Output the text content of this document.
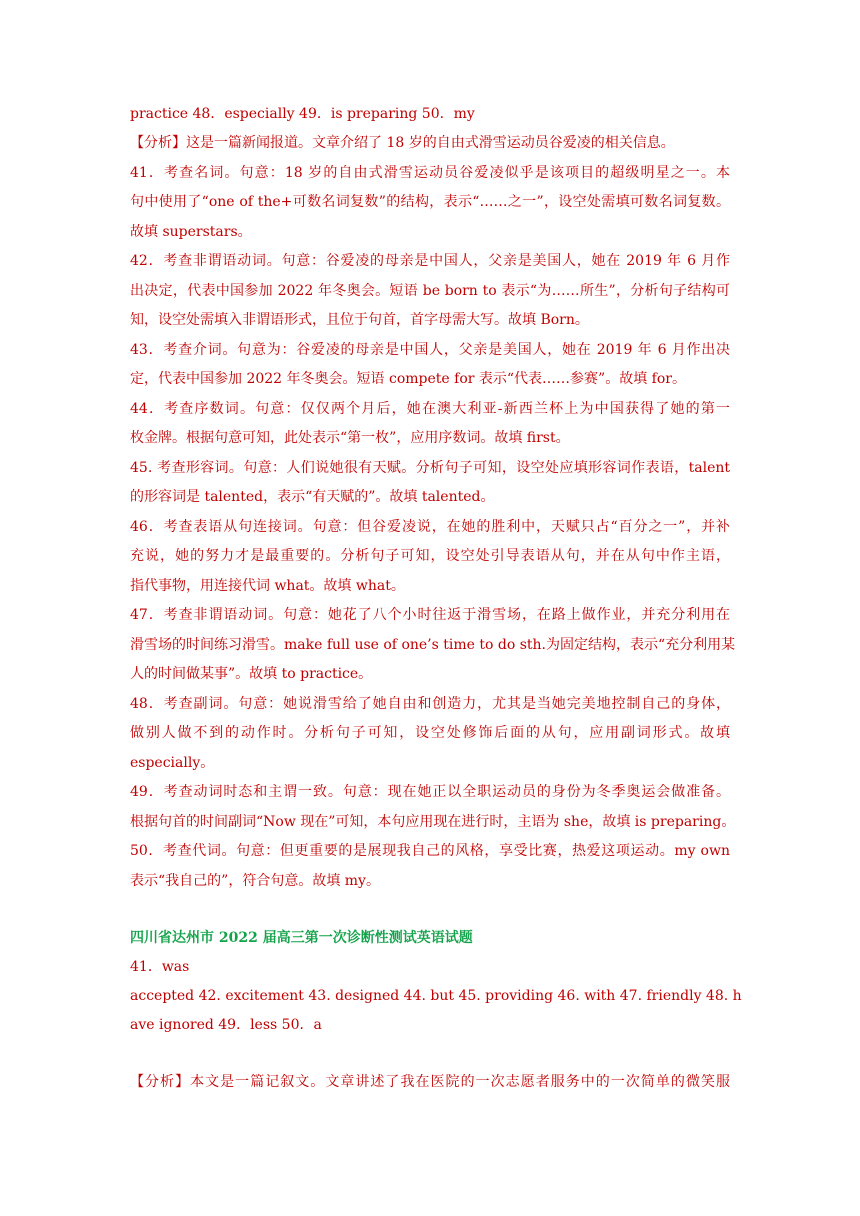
practice 48．especially 49．is preparing 50．my
【分析】这是一篇新闻报道。文章介绍了 18 岁的自由式滑雪运动员谷爱凌的相关信息。
41．考查名词。句意：18 岁的自由式滑雪运动员谷爱凌似乎是该项目的超级明星之一。本
句中使用了“one of the+可数名词复数”的结构，表示“……之一”，设空处需填可数名词复数。
故填 superstars。
42．考查非谓语动词。句意：谷爱凌的母亲是中国人，父亲是美国人，她在 2019 年 6 月作
出决定，代表中国参加 2022 年冬奥会。短语 be born to 表示“为……所生”，分析句子结构可
知，设空处需填入非谓语形式，且位于句首，首字母需大写。故填 Born。
43．考查介词。句意为：谷爱凌的母亲是中国人，父亲是美国人，她在 2019 年 6 月作出决
定，代表中国参加 2022 年冬奥会。短语 compete for 表示“代表……参赛”。故填 for。
44．考查序数词。句意：仅仅两个月后，她在澳大利亚-新西兰杯上为中国获得了她的第一
枚金牌。根据句意可知，此处表示“第一枚”，应用序数词。故填 first。
45. 考查形容词。句意：人们说她很有天赋。分析句子可知，设空处应填形容词作表语，talent
的形容词是 talented，表示“有天赋的”。故填 talented。
46．考查表语从句连接词。句意：但谷爱凌说，在她的胜利中，天赋只占“百分之一”，并补
充说，她的努力才是最重要的。分析句子可知，设空处引导表语从句，并在从句中作主语，
指代事物，用连接代词 what。故填 what。
47．考查非谓语动词。句意：她花了八个小时往返于滑雪场，在路上做作业，并充分利用在
滑雪场的时间练习滑雪。make full use of one’s time to do sth.为固定结构，表示“充分利用某
人的时间做某事”。故填 to practice。
48．考查副词。句意：她说滑雪给了她自由和创造力，尤其是当她完美地控制自己的身体，
做别人做不到的动作时。分析句子可知，设空处修饰后面的从句，应用副词形式。故填
especially。
49．考查动词时态和主谓一致。句意：现在她正以全职运动员的身份为冬季奥运会做准备。
根据句首的时间副词“Now 现在”可知，本句应用现在进行时，主语为 she，故填 is preparing。
50．考查代词。句意：但更重要的是展现我自己的风格，享受比赛，热爱这项运动。my own
表示“我自己的”，符合句意。故填 my。
四川省达州市 2022 届高三第一次诊断性测试英语试题
41．was
accepted 42. excitement 43. designed 44. but 45. providing 46. with 47. friendly 48. h
ave ignored 49．less 50．a
【分析】本文是一篇记叙文。文章讲述了我在医院的一次志愿者服务中的一次简单的微笑服
